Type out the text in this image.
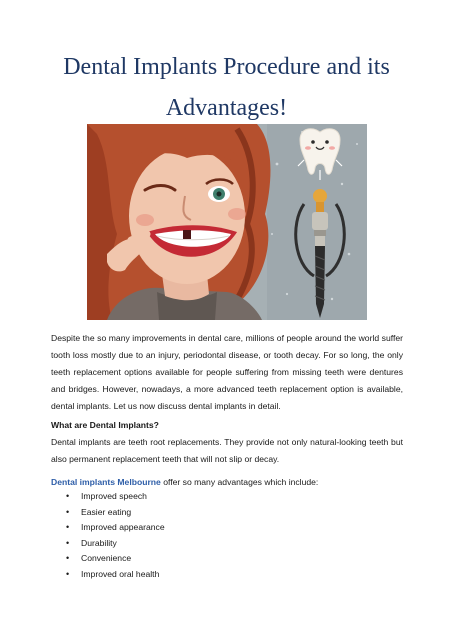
Dental Implants Procedure and its
Advantages!

Despite the so many improvements in dental care, millions of people around the world suffer tooth loss mostly due to an injury, periodontal disease, or tooth decay. For so long, the only teeth replacement options available for people suffering from missing teeth were dentures and bridges. However, nowadays, a more advanced teeth replacement option is available, dental implants. Let us now discuss dental implants in detail.

What are Dental Implants?

Dental implants are teeth root replacements. They provide not only natural-looking teeth but also permanent replacement teeth that will not slip or decay.

Dental implants Melbourne offer so many advantages which include:

• Improved speech
• Easier eating
• Improved appearance
• Durability
• Convenience
• Improved oral health
